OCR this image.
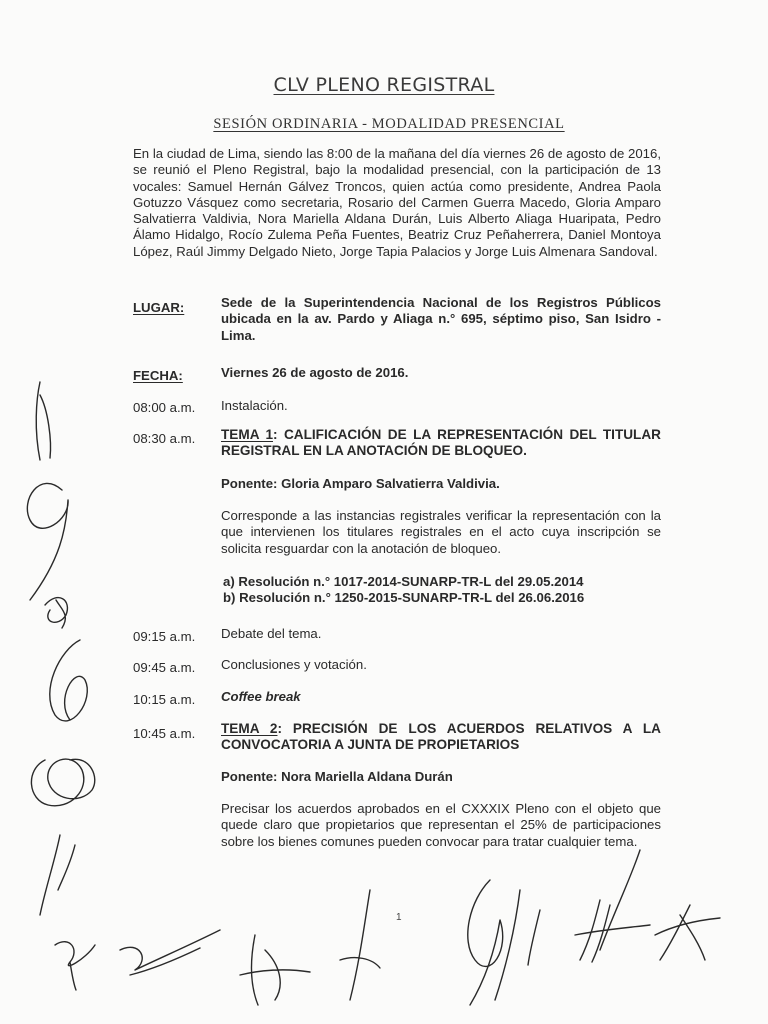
CLV PLENO REGISTRAL
SESIÓN ORDINARIA - MODALIDAD PRESENCIAL
En la ciudad de Lima, siendo las 8:00 de la mañana del día viernes 26 de agosto de 2016, se reunió el Pleno Registral, bajo la modalidad presencial, con la participación de 13 vocales: Samuel Hernán Gálvez Troncos, quien actúa como presidente, Andrea Paola Gotuzzo Vásquez como secretaria, Rosario del Carmen Guerra Macedo, Gloria Amparo Salvatierra Valdivia, Nora Mariella Aldana Durán, Luis Alberto Aliaga Huaripata, Pedro Álamo Hidalgo, Rocío Zulema Peña Fuentes, Beatriz Cruz Peñaherrera, Daniel Montoya López, Raúl Jimmy Delgado Nieto, Jorge Tapia Palacios y Jorge Luis Almenara Sandoval.
LUGAR:	Sede de la Superintendencia Nacional de los Registros Públicos ubicada en la av. Pardo y Aliaga n.° 695, séptimo piso, San Isidro - Lima.
FECHA:	Viernes 26 de agosto de 2016.
08:00 a.m. Instalación.
08:30 a.m. TEMA 1: CALIFICACIÓN DE LA REPRESENTACIÓN DEL TITULAR REGISTRAL EN LA ANOTACIÓN DE BLOQUEO.
Ponente: Gloria Amparo Salvatierra Valdivia.
Corresponde a las instancias registrales verificar la representación con la que intervienen los titulares registrales en el acto cuya inscripción se solicita resguardar con la anotación de bloqueo.
a) Resolución n.° 1017-2014-SUNARP-TR-L del 29.05.2014
b) Resolución n.° 1250-2015-SUNARP-TR-L del 26.06.2016
09:15 a.m. Debate del tema.
09:45 a.m. Conclusiones y votación.
10:15 a.m. Coffee break
10:45 a.m. TEMA 2: PRECISIÓN DE LOS ACUERDOS RELATIVOS A LA CONVOCATORIA A JUNTA DE PROPIETARIOS
Ponente: Nora Mariella Aldana Durán
Precisar los acuerdos aprobados en el CXXXIX Pleno con el objeto que quede claro que propietarios que representan el 25% de participaciones sobre los bienes comunes pueden convocar para tratar cualquier tema.
1
